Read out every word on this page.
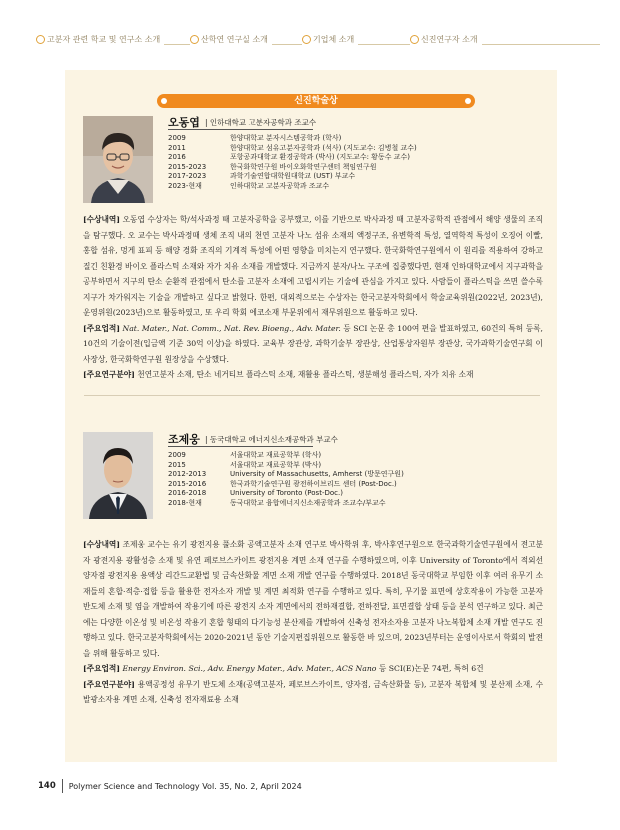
고분자 관련 학교 및 연구소 소개	산학연 연구실 소개	기업체 소개	신진연구자 소개
신진학술상
오동엽 | 인하대학교 고분자공학과 조교수
2009	한양대학교 분자시스템공학과 (학사)
2011	한양대학교 섬유고분자공학과 (석사) (지도교수: 김병철 교수)
2016	포항공과대학교 환경공학과 (박사) (지도교수: 황동수 교수)
2015-2023	한국화학연구원 바이오화학연구센터 책임연구원
2017-2023	과학기술연합대학원대학교 (UST) 부교수
2023-현재	인하대학교 고분자공학과 조교수

[수상내역] 오동엽 수상자는 학/석사과정 때 고분자공학을 공부했고, 이를 기반으로 박사과정 때 고분자공학적 관점에서 해양 생물의 조직을 탐구했다. 오 교수는 박사과정때 생체 조직 내의 천연 고분자 나노 섬유 소재의 액정구조, 유변학적 특성, 열역학적 특성이 오징어 이빨, 홍합 섬유, 멍게 표피 등 해양 경화 조직의 기계적 특성에 어떤 영향을 미치는지 연구했다. 한국화학연구원에서 이 원리를 적용하여 강하고 질긴 친환경 바이오 플라스틱 소재와 자가 치유 소재를 개발했다. 지금까지 분자/나노 구조에 집중했다면, 현재 인하대학교에서 지구과학을 공부하면서 지구의 탄소 순환적 관점에서 탄소를 고분자 소재에 고립시키는 기술에 관심을 가지고 있다. 사람들이 플라스틱을 쓰면 쓸수록 지구가 차가워지는 기술을 개발하고 싶다고 밝혔다. 한편, 대외적으로는 수상자는 한국고분자학회에서 학술교육위원(2022년, 2023년), 운영위원(2023년)으로 활동하였고, 또 우리 학회 에코소재 부문위에서 재무위원으로 활동하고 있다.

[주요업적] Nat. Mater., Nat. Comm., Nat. Rev. Bioeng., Adv. Mater. 등 SCI 논문 총 100여 편을 발표하였고, 60건의 특허 등록, 10건의 기술이전(입금액 기준 30억 이상)을 하였다. 교육부 장관상, 과학기술부 장관상, 산업통상자원부 장관상, 국가과학기술연구회 이사장상, 한국화학연구원 원장상을 수상했다.

[주요연구분야] 천연고분자 소재, 탄소 네거티브 플라스틱 소재, 재활용 플라스틱, 생분해성 플라스틱, 자가 치유 소재

조제웅 | 동국대학교 에너지신소재공학과 부교수
2009	서울대학교 재료공학부 (학사)
2015	서울대학교 재료공학부 (박사)
2012-2013	University of Massachusetts, Amherst (방문연구원)
2015-2016	한국과학기술연구원 광전하이브리드 센터 (Post-Doc.)
2016-2018	University of Toronto (Post-Doc.)
2018-현재	동국대학교 융합에너지신소재공학과 조교수/부교수

[수상내역] 조제웅 교수는 유기 광전지용 풀소화 공액고분자 소재 연구로 박사학위 후, 박사후연구원으로 한국과학기술연구원에서 전고분자 광전지용 광활성층 소재 및 유연 페로브스카이트 광전지용 계면 소재 연구를 수행하였으며, 이후 University of Toronto에서 적외선 양자점 광전지용 용액상 리간드교환법 및 금속산화물 계면 소재 개발 연구를 수행하였다. 2018년 동국대학교 부임한 이후 여러 유무기 소재들의 혼합·적층·접합 등을 활용한 전자소자 개발 및 계면 최적화 연구를 수행하고 있다. 특히, 무기물 표면에 상호작용이 가능한 고분자 반도체 소재 및 염을 개발하여 작용기에 따른 광전지 소자 계면에서의 전하재결합, 전하전달, 표면결합 상태 등을 분석 연구하고 있다. 최근에는 다양한 이온성 및 비온성 작용기 혼합 형태의 다기능성 분산제를 개발하여 신축성 전자소자용 고분자 나노복합체 소재 개발 연구도 진행하고 있다. 한국고분자학회에서는 2020-2021년 동안 기술지편집위원으로 활동한 바 있으며, 2023년부터는 운영이사로서 학회의 발전을 위해 활동하고 있다.

[주요업적] Energy Environ. Sci., Adv. Energy Mater., Adv. Mater., ACS Nano 등 SCI(E)논문 74편, 특허 6건

[주요연구분야] 용액공정성 유무기 반도체 소재(공액고분자, 페로브스카이트, 양자점, 금속산화물 등), 고분자 복합체 및 분산제 소재, 수발광소자용 계면 소재, 신축성 전자재료용 소재

140 Polymer Science and Technology Vol. 35, No. 2, April 2024
